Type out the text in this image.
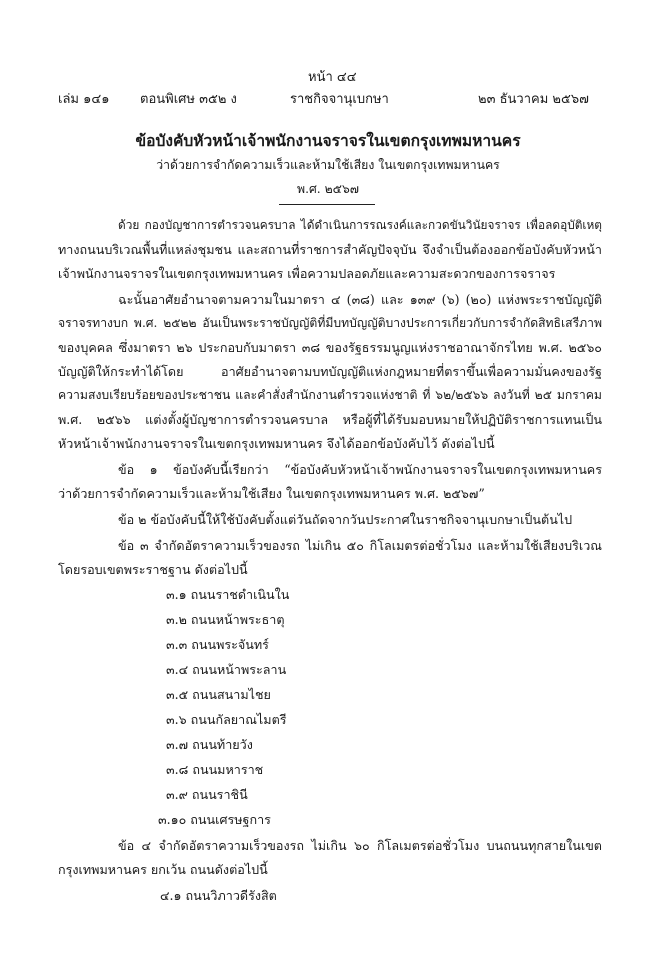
หน้า ๔๔
เล่ม ๑๔๑ ตอนพิเศษ ๓๕๒ ง	ราชกิจจานุเบกษา	๒๓ ธันวาคม ๒๕๖๗
ข้อบังคับหัวหน้าเจ้าพนักงานจราจรในเขตกรุงเทพมหานคร
ว่าด้วยการจำกัดความเร็วและห้ามใช้เสียง ในเขตกรุงเทพมหานคร
พ.ศ. ๒๕๖๗
ด้วย กองบัญชาการตำรวจนครบาล ได้ดำเนินการรณรงค์และกวดขันวินัยจราจร เพื่อลดอุบัติเหตุ
ทางถนนบริเวณพื้นที่แหล่งชุมชน และสถานที่ราชการสำคัญปัจจุบัน จึงจำเป็นต้องออกข้อบังคับหัวหน้า
เจ้าพนักงานจราจรในเขตกรุงเทพมหานคร เพื่อความปลอดภัยและความสะดวกของการจราจร
ฉะนั้นอาศัยอำนาจตามความในมาตรา ๔ (๓๘) และ ๑๓๙ (๖) (๒๐) แห่งพระราชบัญญัติ
จราจรทางบก พ.ศ. ๒๕๒๒ อันเป็นพระราชบัญญัติที่มีบทบัญญัติบางประการเกี่ยวกับการจำกัดสิทธิเสรีภาพ
ของบุคคล ซึ่งมาตรา ๒๖ ประกอบกับมาตรา ๓๘ ของรัฐธรรมนูญแห่งราชอาณาจักรไทย พ.ศ. ๒๕๖๐
บัญญัติให้กระทำได้โดย อาศัยอำนาจตามบทบัญญัติแห่งกฎหมายที่ตราขึ้นเพื่อความมั่นคงของรัฐ
ความสงบเรียบร้อยของประชาชน และคำสั่งสำนักงานตำรวจแห่งชาติ ที่ ๖๒/๒๕๖๖ ลงวันที่ ๒๕ มกราคม
พ.ศ. ๒๕๖๖ แต่งตั้งผู้บัญชาการตำรวจนครบาล หรือผู้ที่ได้รับมอบหมายให้ปฏิบัติราชการแทนเป็น
หัวหน้าเจ้าพนักงานจราจรในเขตกรุงเทพมหานคร จึงได้ออกข้อบังคับไว้ ดังต่อไปนี้
ข้อ ๑ ข้อบังคับนี้เรียกว่า “ข้อบังคับหัวหน้าเจ้าพนักงานจราจรในเขตกรุงเทพมหานคร
ว่าด้วยการจำกัดความเร็วและห้ามใช้เสียง ในเขตกรุงเทพมหานคร พ.ศ. ๒๕๖๗”
ข้อ ๒ ข้อบังคับนี้ให้ใช้บังคับตั้งแต่วันถัดจากวันประกาศในราชกิจจานุเบกษาเป็นต้นไป
ข้อ ๓ จำกัดอัตราความเร็วของรถ ไม่เกิน ๕๐ กิโลเมตรต่อชั่วโมง และห้ามใช้เสียงบริเวณ
โดยรอบเขตพระราชฐาน ดังต่อไปนี้
๓.๑ ถนนราชดำเนินใน
๓.๒ ถนนหน้าพระธาตุ
๓.๓ ถนนพระจันทร์
๓.๔ ถนนหน้าพระลาน
๓.๕ ถนนสนามไชย
๓.๖ ถนนกัลยาณไมตรี
๓.๗ ถนนท้ายวัง
๓.๘ ถนนมหาราช
๓.๙ ถนนราชินี
๓.๑๐ ถนนเศรษฐการ
ข้อ ๔ จำกัดอัตราความเร็วของรถ ไม่เกิน ๖๐ กิโลเมตรต่อชั่วโมง บนถนนทุกสายในเขต
กรุงเทพมหานคร ยกเว้น ถนนดังต่อไปนี้
๔.๑ ถนนวิภาวดีรังสิต
